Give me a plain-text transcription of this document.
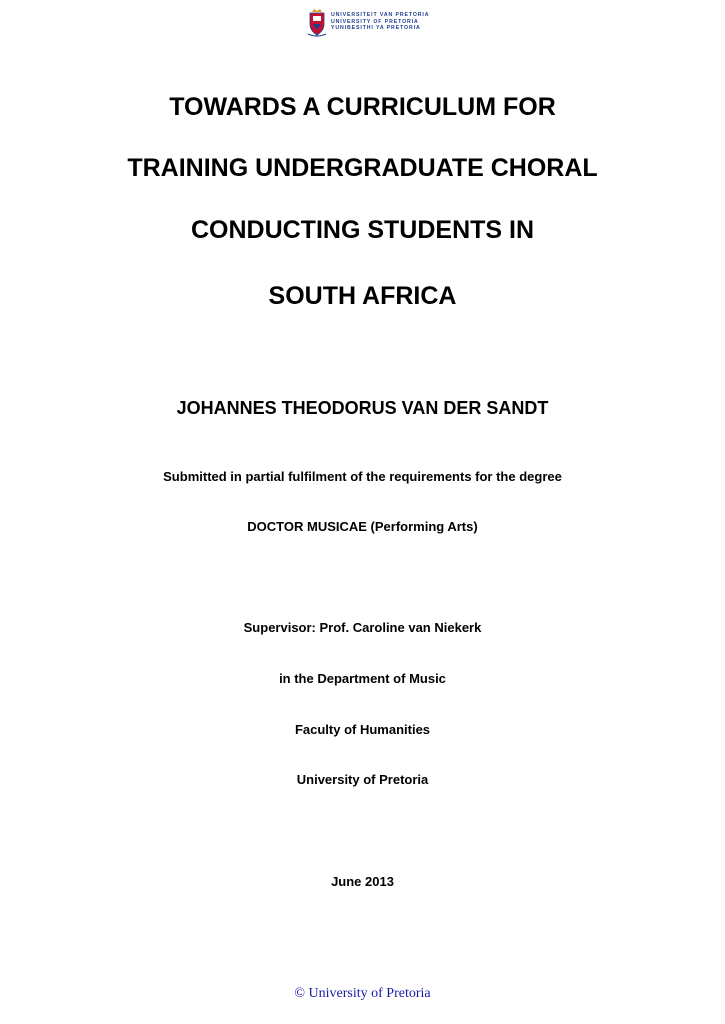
UNIVERSITEIT VAN PRETORIA
UNIVERSITY OF PRETORIA
YUNIBESITHI YA PRETORIA
TOWARDS A CURRICULUM FOR
TRAINING UNDERGRADUATE CHORAL
CONDUCTING STUDENTS IN
SOUTH AFRICA
JOHANNES THEODORUS VAN DER SANDT
Submitted in partial fulfilment of the requirements for the degree
DOCTOR MUSICAE (Performing Arts)
Supervisor: Prof. Caroline van Niekerk
in the Department of Music
Faculty of Humanities
University of Pretoria
June 2013
© University of Pretoria
